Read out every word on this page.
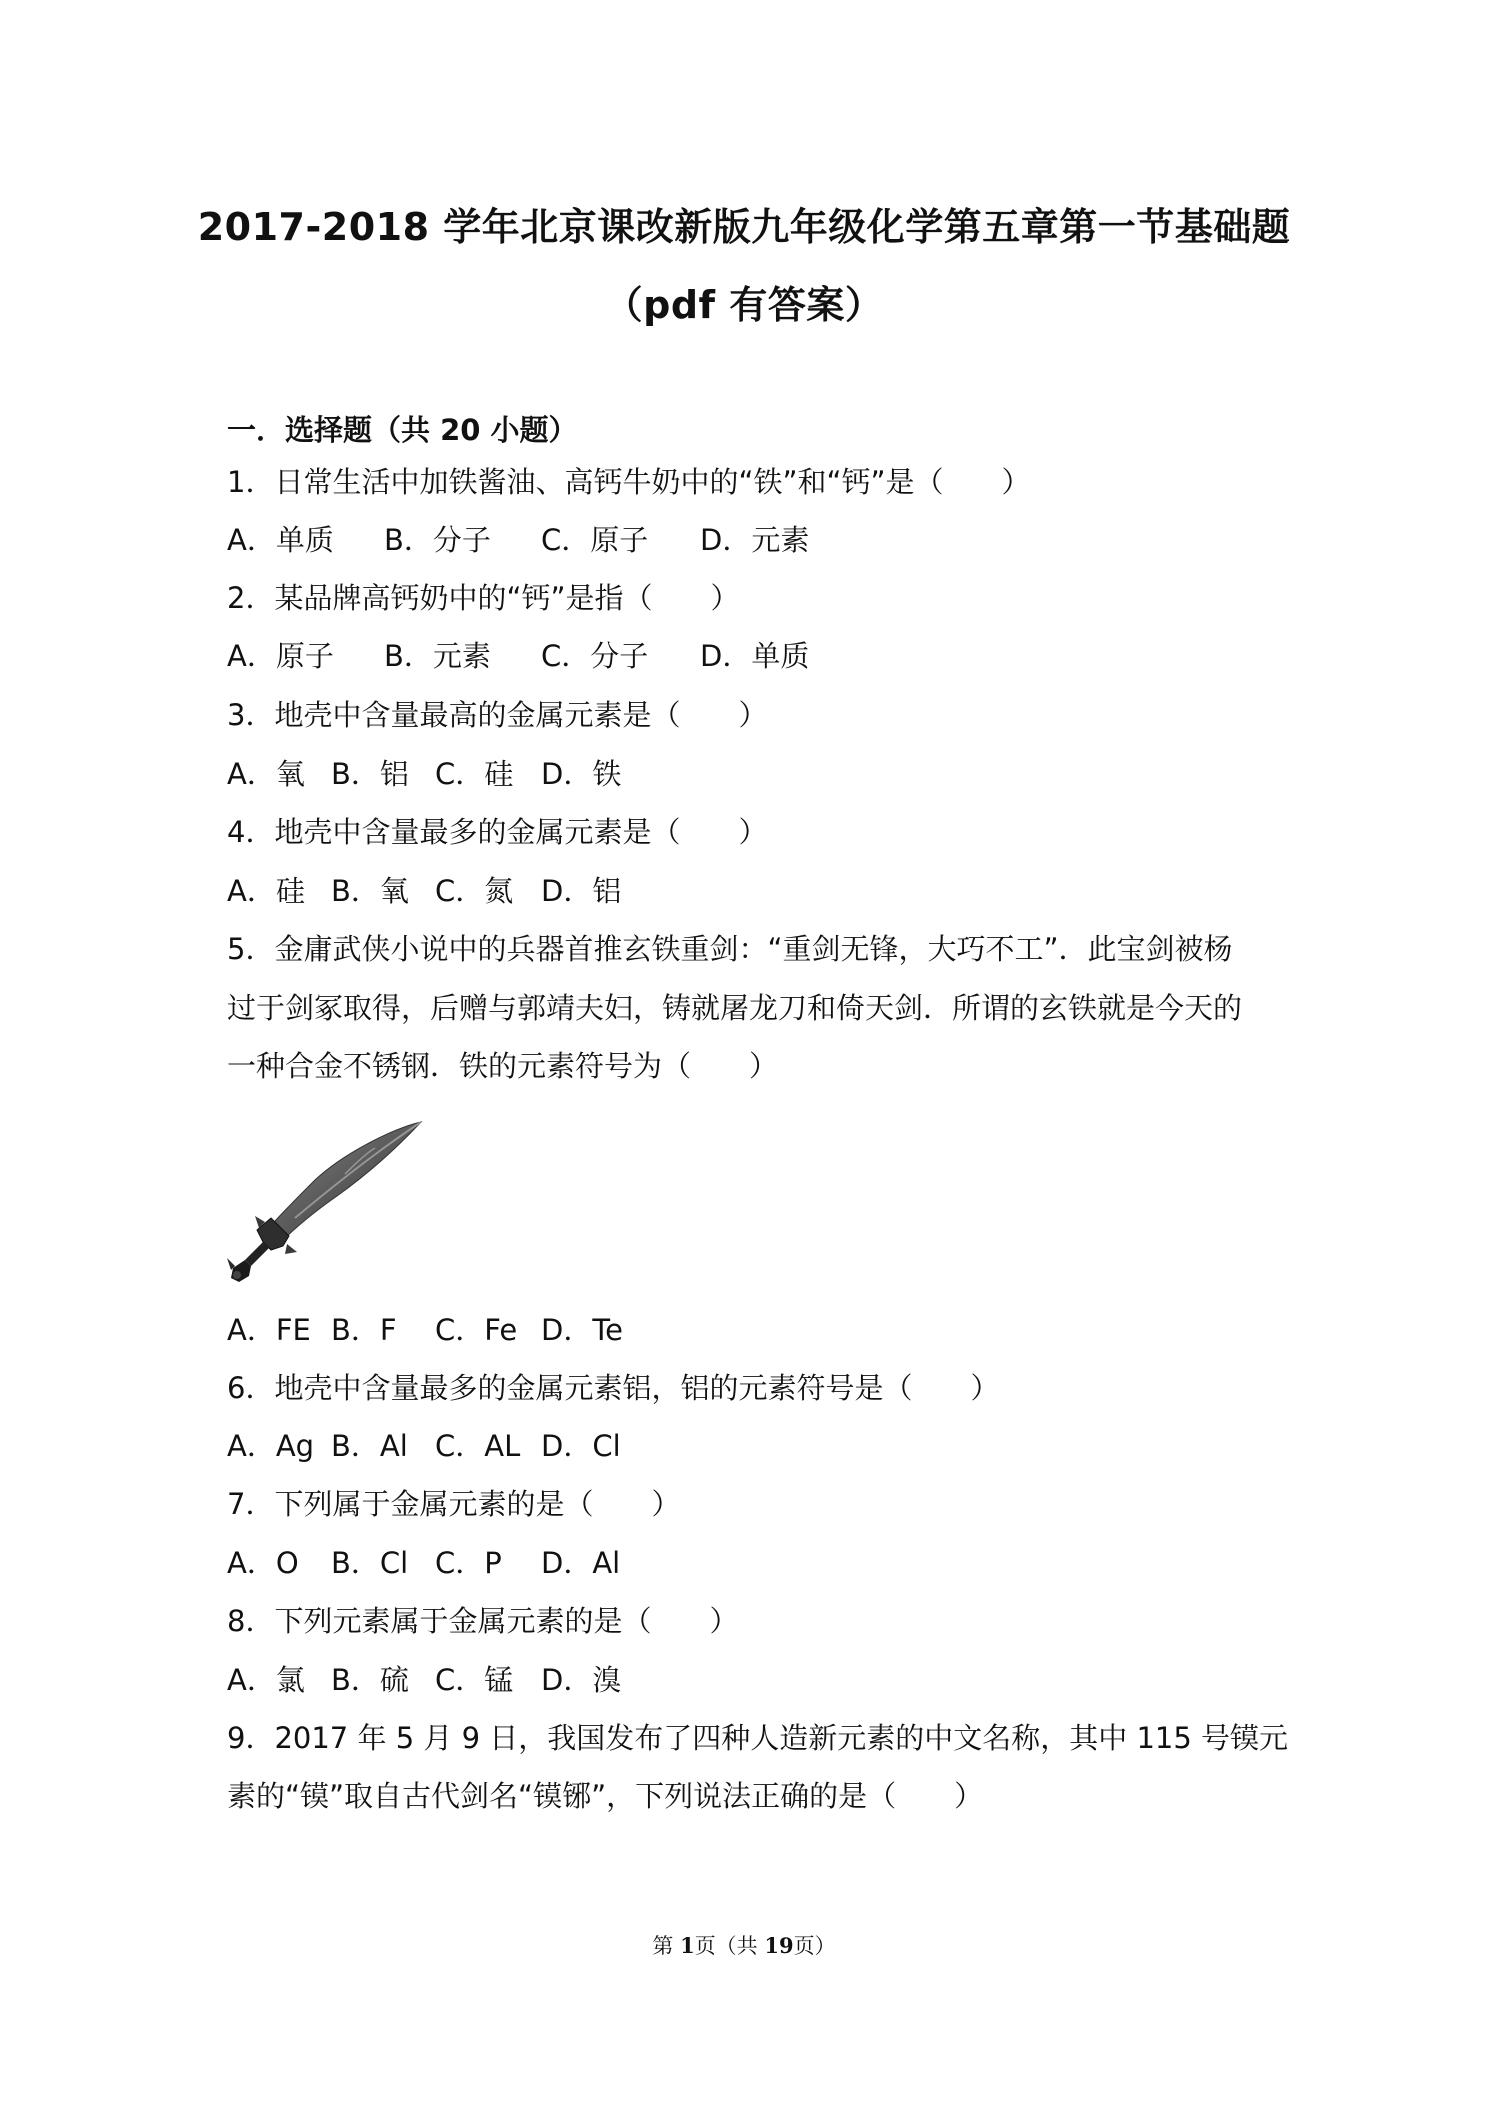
2017-2018 学年北京课改新版九年级化学第五章第一节基础题
（pdf 有答案）
一．选择题（共 20 小题）
1．日常生活中加铁酱油、高钙牛奶中的“铁”和“钙”是（　　）
A．单质 B．分子 C．原子 D．元素
2．某品牌高钙奶中的“钙”是指（　　）
A．原子 B．元素 C．分子 D．单质
3．地壳中含量最高的金属元素是（　　）
A．氧 B．铝 C．硅 D．铁
4．地壳中含量最多的金属元素是（　　）
A．硅 B．氧 C．氮 D．铝
5．金庸武侠小说中的兵器首推玄铁重剑：“重剑无锋，大巧不工”．此宝剑被杨
过于剑冢取得，后赠与郭靖夫妇，铸就屠龙刀和倚天剑．所谓的玄铁就是今天的
一种合金不锈钢．铁的元素符号为（　　）
A．FE B．F C．Fe D．Te
6．地壳中含量最多的金属元素铝，铝的元素符号是（　　）
A．Ag B．Al C．AL D．Cl
7．下列属于金属元素的是（　　）
A．O B．Cl C．P D．Al
8．下列元素属于金属元素的是（　　）
A．氯 B．硫 C．锰 D．溴
9．2017 年 5 月 9 日，我国发布了四种人造新元素的中文名称，其中 115 号镆元
素的“镆”取自古代剑名“镆铘”，下列说法正确的是（　　）
第 1页（共 19页）
